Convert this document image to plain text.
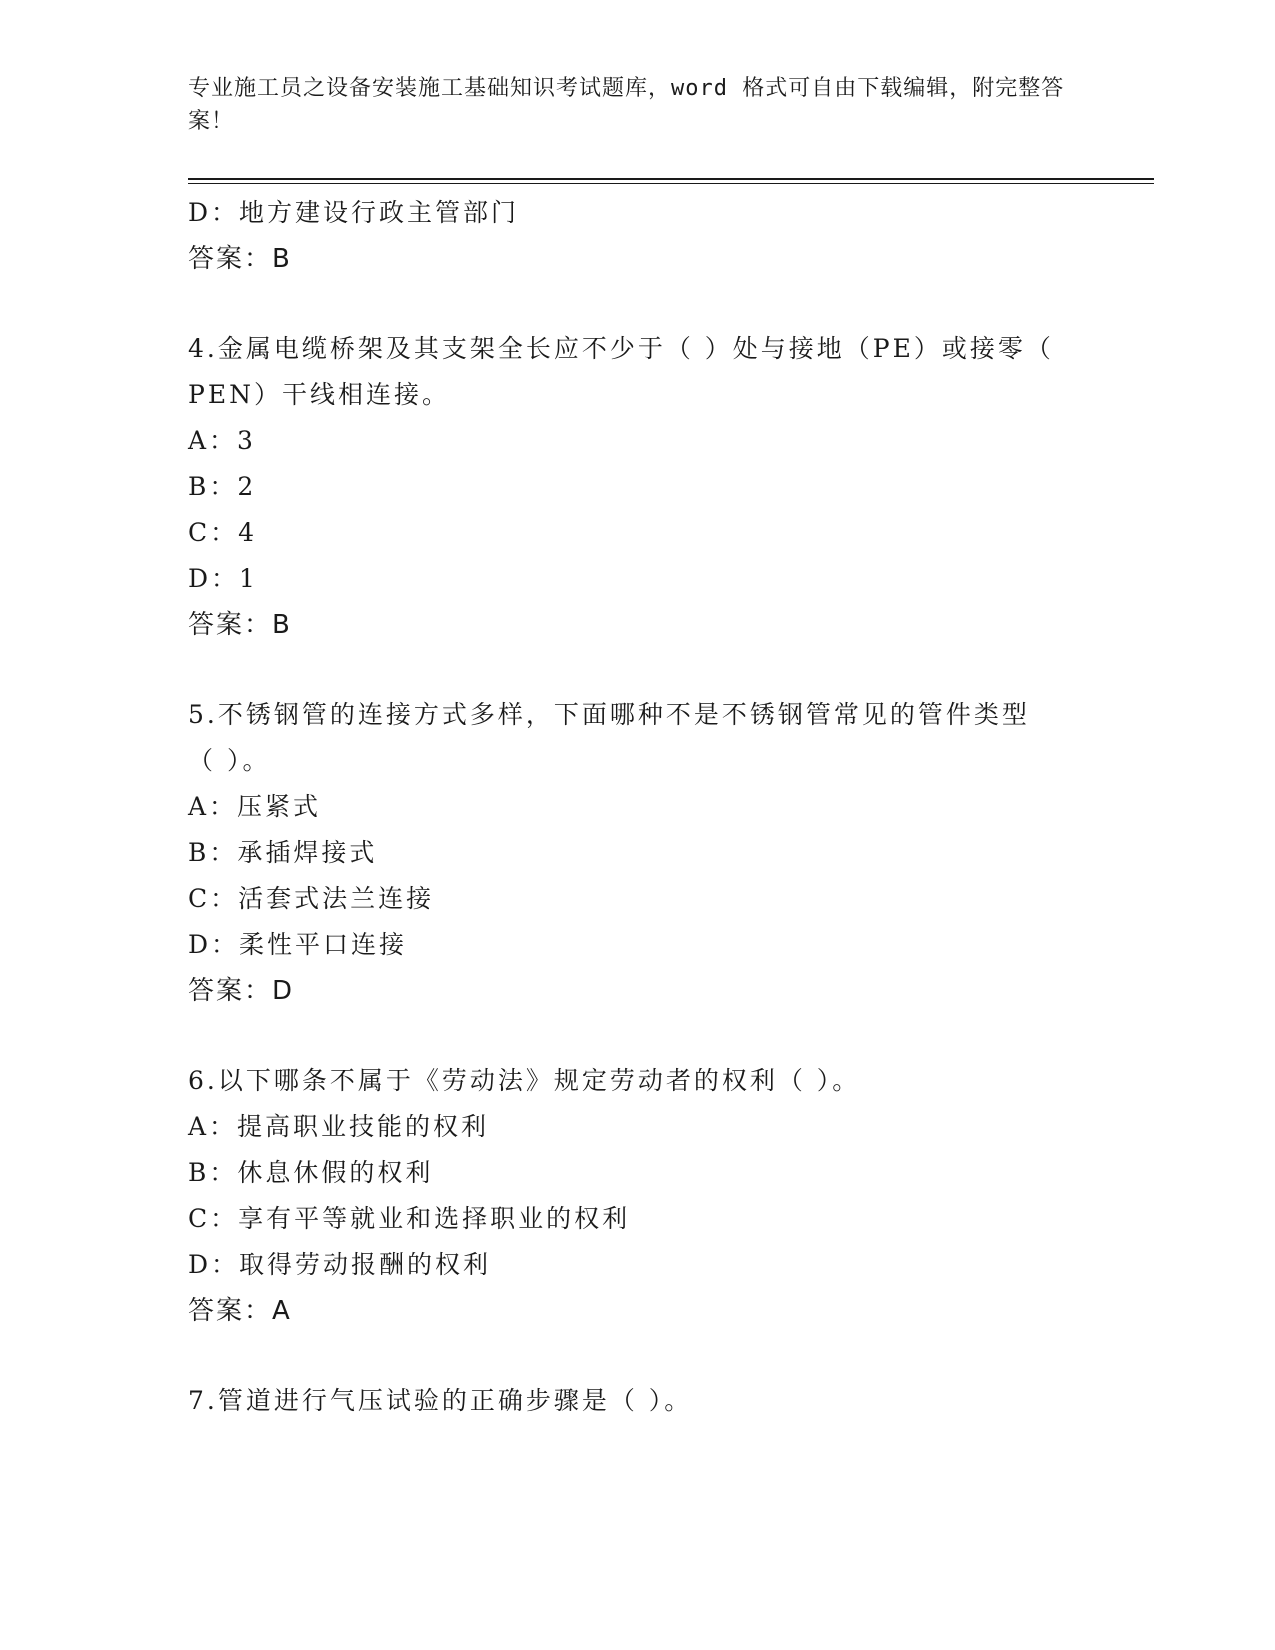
专业施工员之设备安装施工基础知识考试题库，word 格式可自由下载编辑，附完整答案！
D：地方建设行政主管部门
答案：B
4.金属电缆桥架及其支架全长应不少于（ ）处与接地（PE）或接零（
PEN）干线相连接。
A：3
B：2
C：4
D：1
答案：B
5.不锈钢管的连接方式多样，下面哪种不是不锈钢管常见的管件类型
（ ）。
A：压紧式
B：承插焊接式
C：活套式法兰连接
D：柔性平口连接
答案：D
6.以下哪条不属于《劳动法》规定劳动者的权利（ ）。
A：提高职业技能的权利
B：休息休假的权利
C：享有平等就业和选择职业的权利
D：取得劳动报酬的权利
答案：A
7.管道进行气压试验的正确步骤是（ ）。
